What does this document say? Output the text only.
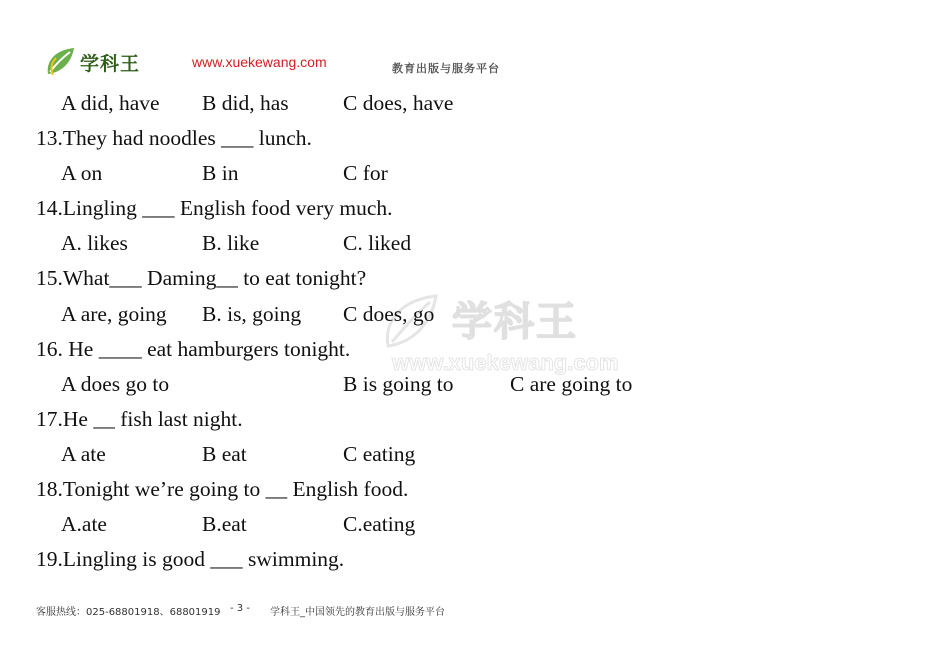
学科王	www.xuekewang.com	教育出版与服务平台
学科王
www.xuekewang.com
A did, have B did, has	C does, have
13.They had noodles ___ lunch.
A on	B in	C for
14.Lingling ___ English food very much.
A. likes	B. like	C. liked
15.What___ Daming__ to eat tonight?
A are, going B. is, going C does, go
16. He ____ eat hamburgers tonight.
A does go to	B is going to	C are going to
17.He __ fish last night.
A ate	B eat	C eating
18.Tonight we’re going to __ English food.
A.ate	B.eat	C.eating
19.Lingling is good ___ swimming.
客服热线：025-68801918、68801919 - 3 - 学科王_中国领先的教育出版与服务平台
